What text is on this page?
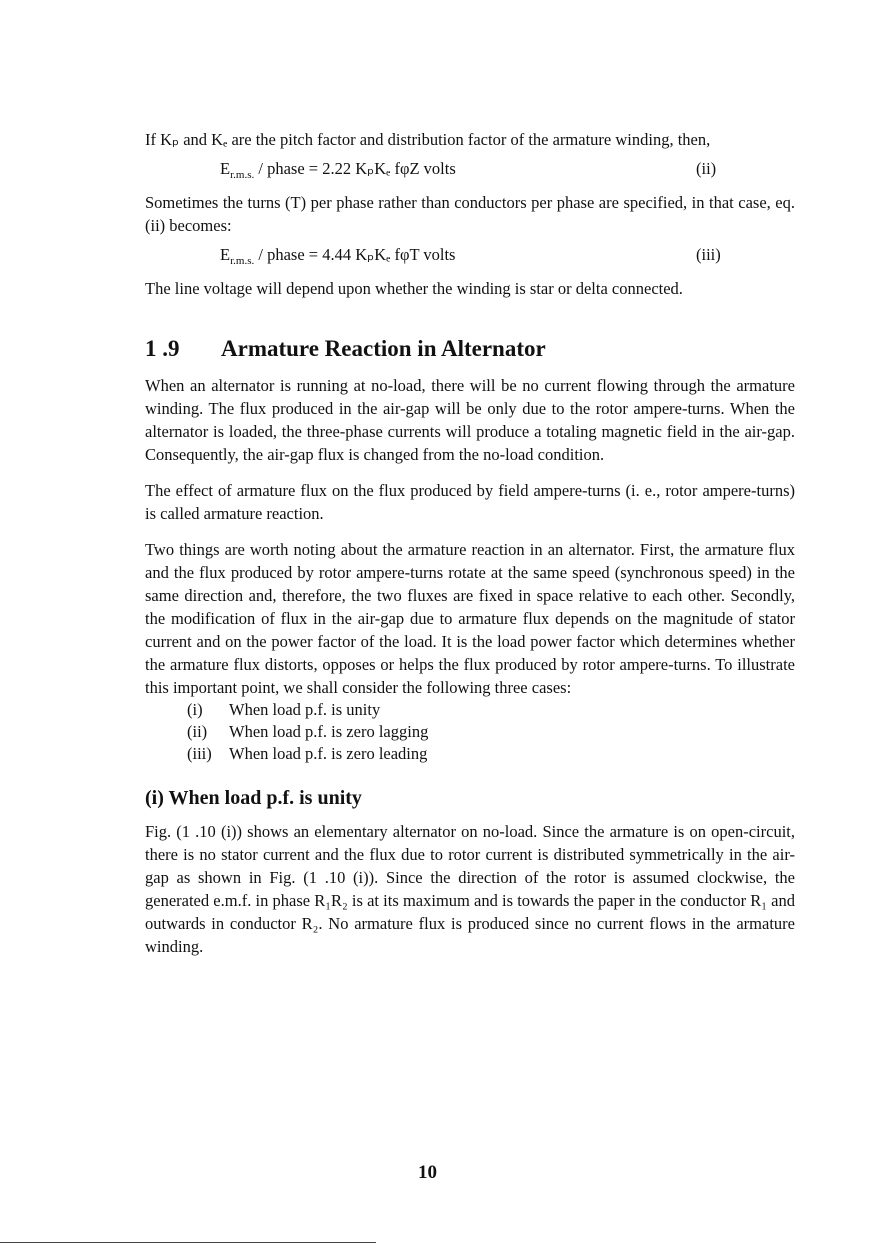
If Kₚ and Kₑ are the pitch factor and distribution factor of the armature winding, then,

$E_{r.m.s.}$ / phase = 2.22 KₚKₑ fφZ volts	(ii)

Sometimes the turns (T) per phase rather than conductors per phase are specified, in that case, eq. (ii) becomes:

$E_{r.m.s.}$ / phase = 4.44 KₚKₑ fφT volts	(iii)

The line voltage will depend upon whether the winding is star or delta connected.

1 .9 Armature Reaction in Alternator

When an alternator is running at no-load, there will be no current flowing through the armature winding. The flux produced in the air-gap will be only due to the rotor ampere-turns. When the alternator is loaded, the three-phase currents will produce a totaling magnetic field in the air-gap. Consequently, the air-gap flux is changed from the no-load condition.

The effect of armature flux on the flux produced by field ampere-turns (i. e., rotor ampere-turns) is called armature reaction.

Two things are worth noting about the armature reaction in an alternator. First, the armature flux and the flux produced by rotor ampere-turns rotate at the same speed (synchronous speed) in the same direction and, therefore, the two fluxes are fixed in space relative to each other. Secondly, the modification of flux in the air-gap due to armature flux depends on the magnitude of stator current and on the power factor of the load. It is the load power factor which determines whether the armature flux distorts, opposes or helps the flux produced by rotor ampere-turns. To illustrate this important point, we shall consider the following three cases:

(i) When load p.f. is unity
(ii) When load p.f. is zero lagging
(iii) When load p.f. is zero leading
(i) When load p.f. is unity

Fig. (1 .10 (i)) shows an elementary alternator on no-load. Since the armature is on open-circuit, there is no stator current and the flux due to rotor current is distributed symmetrically in the air-gap as shown in Fig. (1 .10 (i)). Since the direction of the rotor is assumed clockwise, the generated e.m.f. in phase R₁R₂ is at its maximum and is towards the paper in the conductor R₁ and outwards in conductor R₂. No armature flux is produced since no current flows in the armature winding.

10
